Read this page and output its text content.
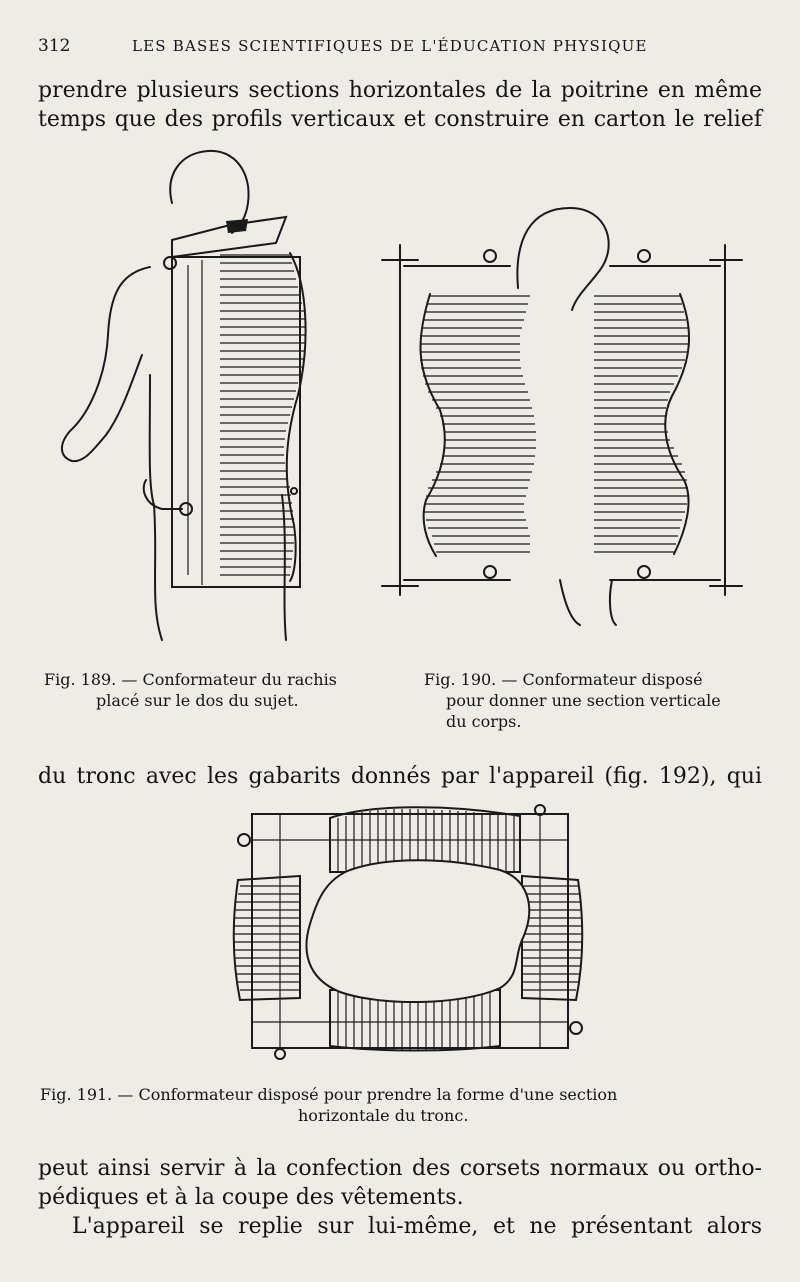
312	LES BASES SCIENTIFIQUES DE L'ÉDUCATION PHYSIQUE
prendre plusieurs sections horizontales de la poitrine en même
temps que des profils verticaux et construire en carton le relief
Fig. 189. — Conformateur du rachis
placé sur le dos du sujet.
Fig. 190. — Conformateur disposé
pour donner une section verticale
du corps.
du tronc avec les gabarits donnés par l'appareil (fig. 192), qui
Fig. 191. — Conformateur disposé pour prendre la forme d'une section
horizontale du tronc.
peut ainsi servir à la confection des corsets normaux ou ortho-
pédiques et à la coupe des vêtements.
L'appareil se replie sur lui-même, et ne présentant alors
